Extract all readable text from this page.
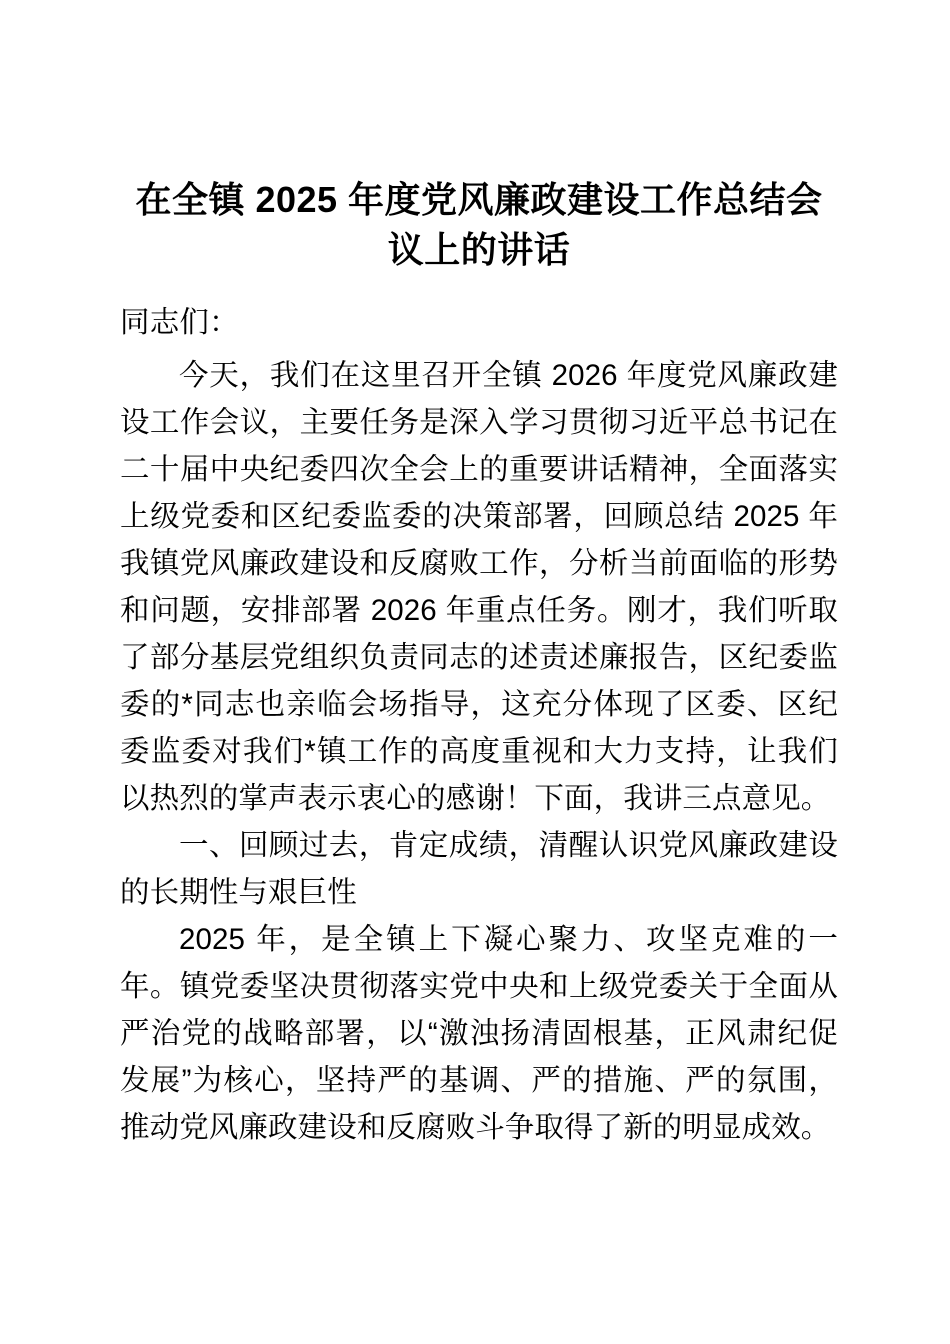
在全镇 2025 年度党风廉政建设工作总结会议上的讲话

同志们：

今天，我们在这里召开全镇 2026 年度党风廉政建设工作会议，主要任务是深入学习贯彻习近平总书记在二十届中央纪委四次全会上的重要讲话精神，全面落实上级党委和区纪委监委的决策部署，回顾总结 2025 年我镇党风廉政建设和反腐败工作，分析当前面临的形势和问题，安排部署 2026 年重点任务。刚才，我们听取了部分基层党组织负责同志的述责述廉报告，区纪委监委的*同志也亲临会场指导，这充分体现了区委、区纪委监委对我们*镇工作的高度重视和大力支持，让我们以热烈的掌声表示衷心的感谢！下面，我讲三点意见。

一、回顾过去，肯定成绩，清醒认识党风廉政建设的长期性与艰巨性

2025 年，是全镇上下凝心聚力、攻坚克难的一年。镇党委坚决贯彻落实党中央和上级党委关于全面从严治党的战略部署，以“激浊扬清固根基，正风肃纪促发展”为核心，坚持严的基调、严的措施、严的氛围，推动党风廉政建设和反腐败斗争取得了新的明显成效。
